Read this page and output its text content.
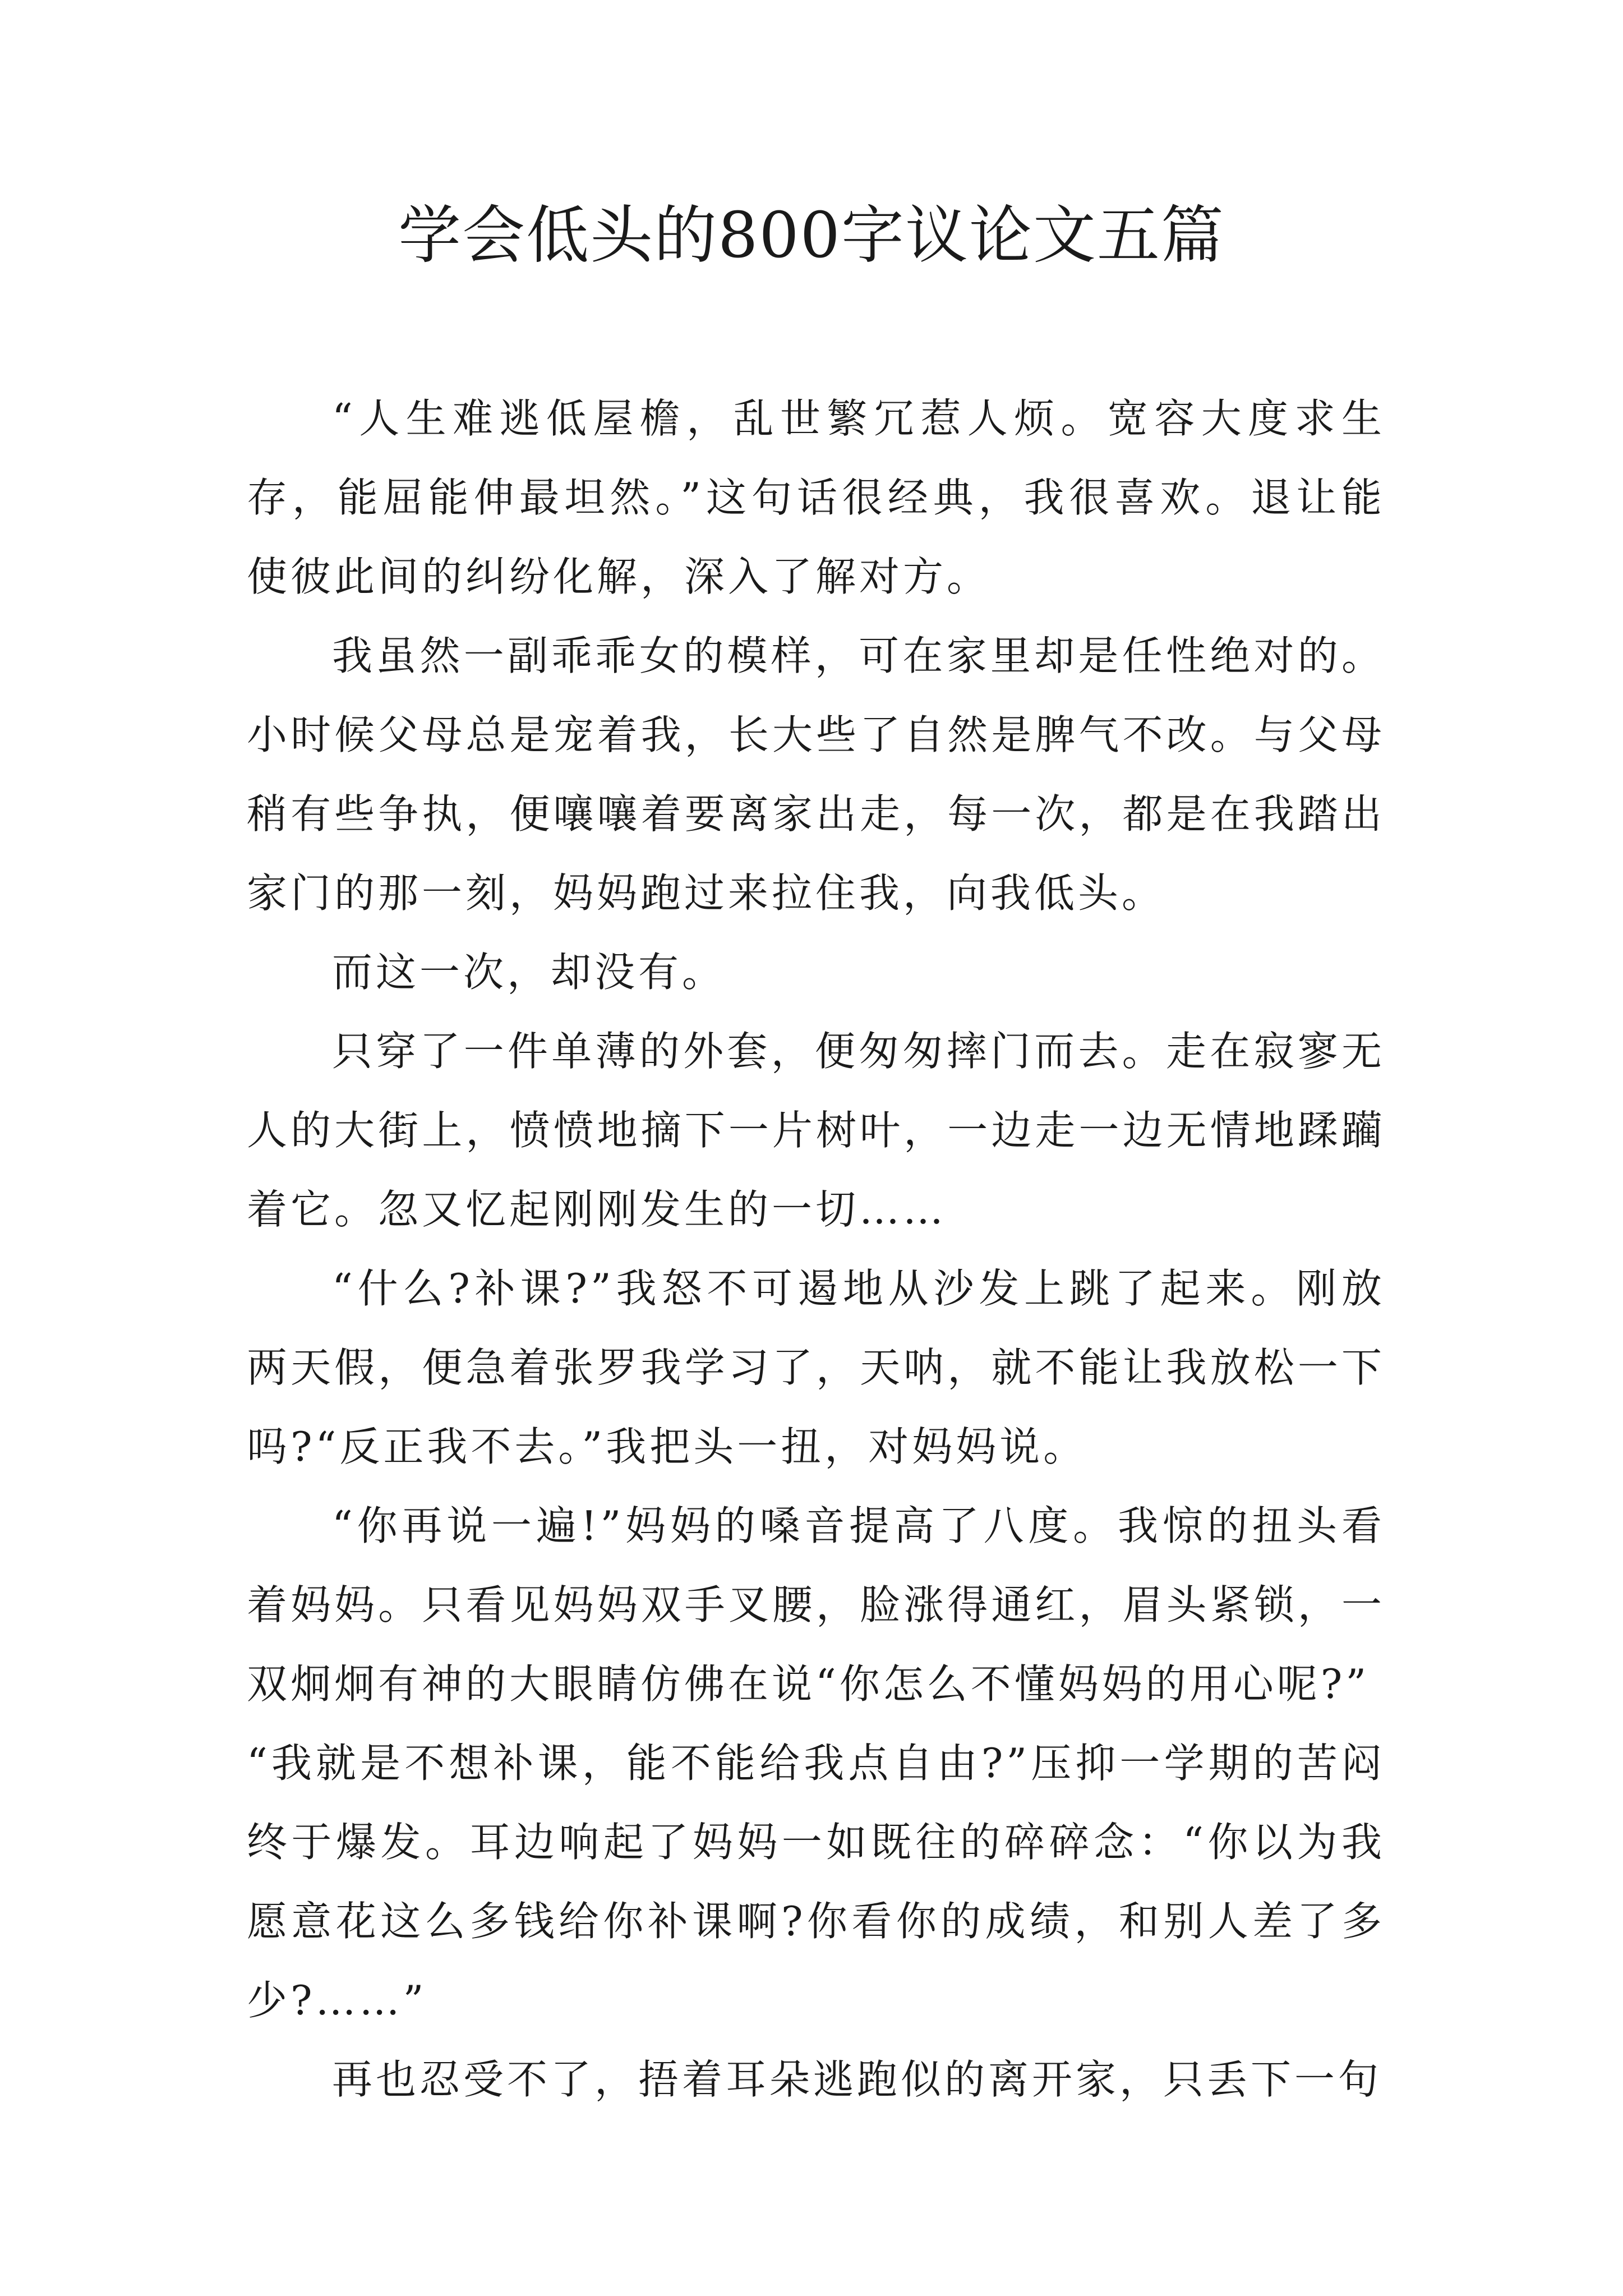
学会低头的800字议论文五篇

“人生难逃低屋檐，乱世繁冗惹人烦。宽容大度求生存，能屈能伸最坦然。”这句话很经典，我很喜欢。退让能使彼此间的纠纷化解，深入了解对方。

我虽然一副乖乖女的模样，可在家里却是任性绝对的。小时候父母总是宠着我，长大些了自然是脾气不改。与父母稍有些争执，便嚷嚷着要离家出走，每一次，都是在我踏出家门的那一刻，妈妈跑过来拉住我，向我低头。

而这一次，却没有。

只穿了一件单薄的外套，便匆匆摔门而去。走在寂寥无人的大街上，愤愤地摘下一片树叶，一边走一边无情地蹂躏着它。忽又忆起刚刚发生的一切……

“什么?补课?”我怒不可遏地从沙发上跳了起来。刚放两天假，便急着张罗我学习了，天呐，就不能让我放松一下吗?“反正我不去。”我把头一扭，对妈妈说。

“你再说一遍!”妈妈的嗓音提高了八度。我惊的扭头看着妈妈。只看见妈妈双手叉腰，脸涨得通红，眉头紧锁，一双炯炯有神的大眼睛仿佛在说“你怎么不懂妈妈的用心呢?”

“我就是不想补课，能不能给我点自由?”压抑一学期的苦闷终于爆发。耳边响起了妈妈一如既往的碎碎念：“你以为我愿意花这么多钱给你补课啊?你看你的成绩，和别人差了多少?……”

再也忍受不了，捂着耳朵逃跑似的离开家，只丢下一句
